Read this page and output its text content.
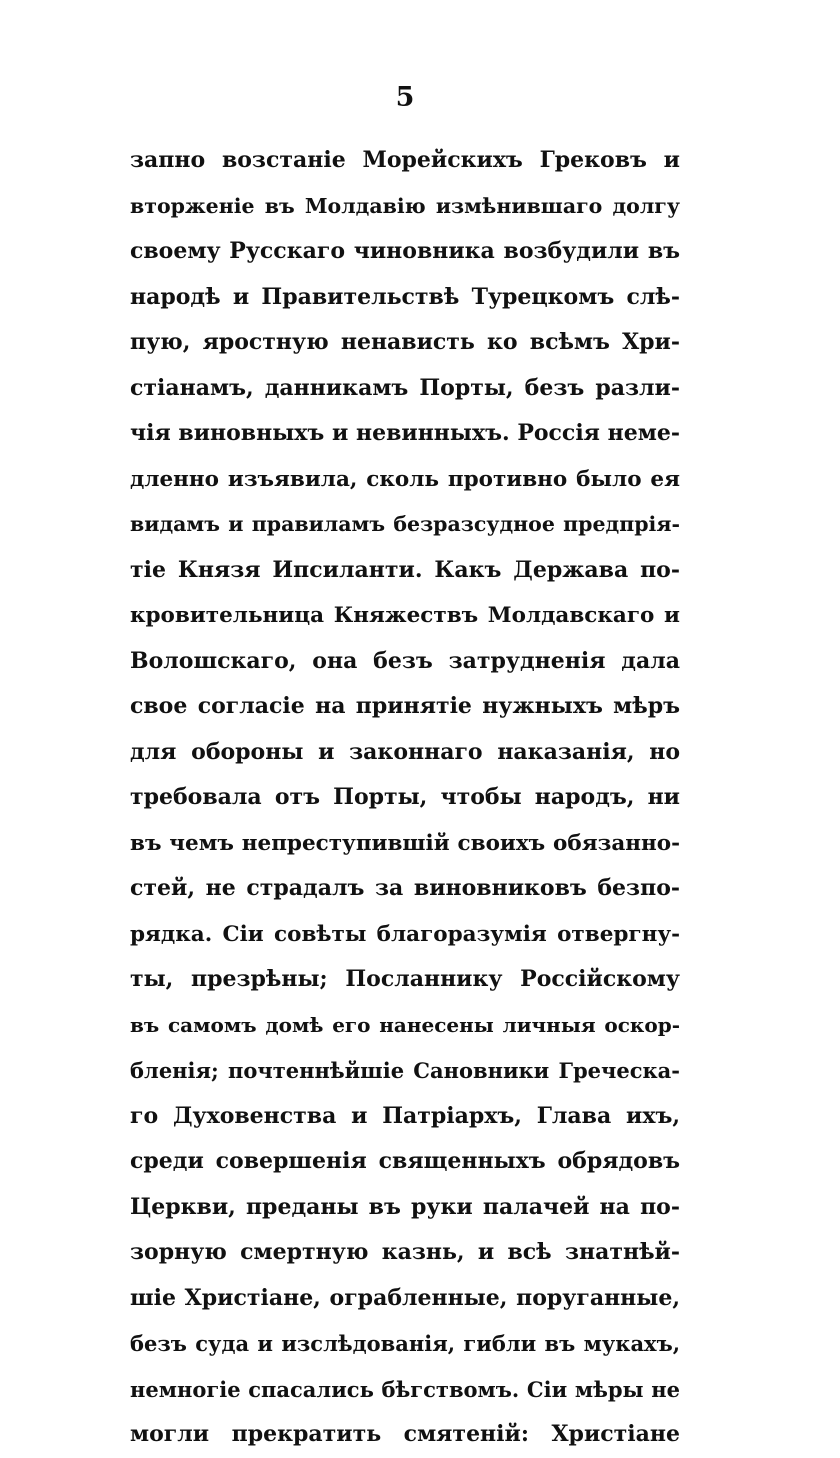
5
запно возстанie Морейскихъ Грековъ и
вторженie въ Молдавiю измѣнившаго долгу
своему Русскаго чиновника возбудили въ
народѣ и Правительствѣ Турецкомъ слѣ-
пую, яростную ненависть ко всѣмъ Хри-
стiанамъ, данникамъ Порты, безъ разли-
чiя виновныхъ и невинныхъ. Россiя неме-
дленно изъявила, сколь противно было ея
видамъ и правиламъ безразсудное предпрiя-
тiе Князя Ипсиланти. Какъ Держава по-
кровительница Княжествъ Молдавскаго и
Волошскаго, она безъ затрудненiя дала
свое согласie на принятiе нужныхъ мѣръ
для обороны и законнаго наказанiя, но
требовала отъ Порты, чтобы народъ, ни
въ чемъ непреступившiй своихъ обязанно-
стей, не страдалъ за виновниковъ безпо-
рядка. Сiи совѣты благоразумiя отвергну-
ты, презрѣны; Посланнику Россiйскому
въ самомъ домѣ его нанесены личныя оскор-
бленiя; почтеннѣйшiе Сановники Греческа-
го Духовенства и Патрiархъ, Глава ихъ,
среди совершенiя священныхъ обрядовъ
Церкви, преданы въ руки палачей на по-
зорную смертную казнь, и всѣ знатнѣй-
шiе Христiане, ограбленные, поруганные,
безъ суда и изслѣдованiя, гибли въ мукахъ,
немногiе спасались бѣгствомъ. Сiи мѣры не
могли прекратить смятенiй: Христiане
